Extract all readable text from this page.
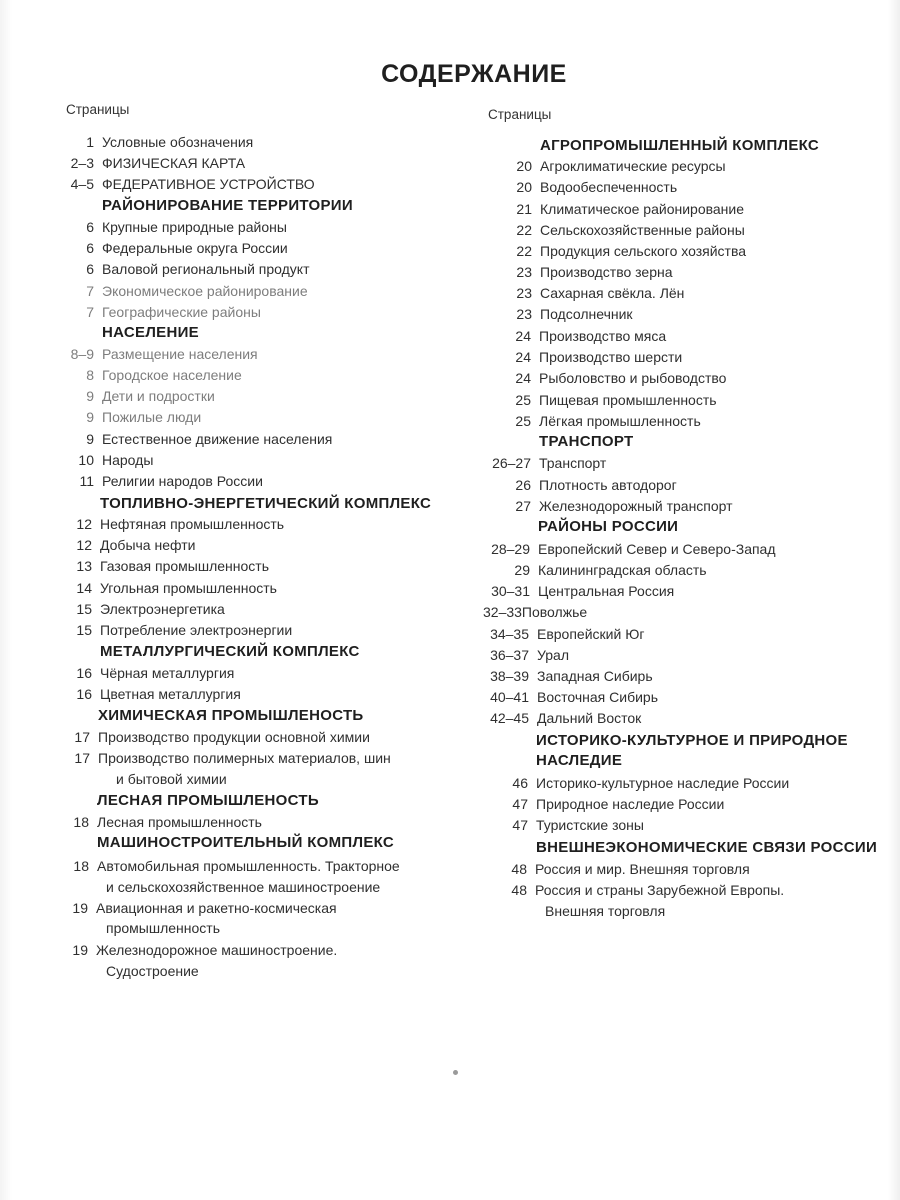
СОДЕРЖАНИЕ
Страницы	Страницы
1 Условные обозначения
2–3 ФИЗИЧЕСКАЯ КАРТА
4–5 ФЕДЕРАТИВНОЕ УСТРОЙСТВО
РАЙОНИРОВАНИЕ ТЕРРИТОРИИ
6 Крупные природные районы
6 Федеральные округа России
6 Валовой региональный продукт
7 Экономическое районирование
7 Географические районы
НАСЕЛЕНИЕ
8–9 Размещение населения
8 Городское население
9 Дети и подростки
9 Пожилые люди
9 Естественное движение населения
10 Народы
11 Религии народов России
ТОПЛИВНО-ЭНЕРГЕТИЧЕСКИЙ КОМПЛЕКС
12 Нефтяная промышленность
12 Добыча нефти
13 Газовая промышленность
14 Угольная промышленность
15 Электроэнергетика
15 Потребление электроэнергии
МЕТАЛЛУРГИЧЕСКИЙ КОМПЛЕКС
16 Чёрная металлургия
16 Цветная металлургия
ХИМИЧЕСКАЯ ПРОМЫШЛЕНОСТЬ
17 Производство продукции основной химии
17 Производство полимерных материалов, шин
и бытовой химии
ЛЕСНАЯ ПРОМЫШЛЕНОСТЬ
18 Лесная промышленность
МАШИНОСТРОИТЕЛЬНЫЙ КОМПЛЕКС
18 Автомобильная промышленность. Тракторное
и сельскохозяйственное машиностроение
19 Авиационная и ракетно-космическая
промышленность
19 Железнодорожное машиностроение.
Судостроение
АГРОПРОМЫШЛЕННЫЙ КОМПЛЕКС
20 Агроклиматические ресурсы
20 Водообеспеченность
21 Климатическое районирование
22 Сельскохозяйственные районы
22 Продукция сельского хозяйства
23 Производство зерна
23 Сахарная свёкла. Лён
23 Подсолнечник
24 Производство мяса
24 Производство шерсти
24 Рыболовство и рыбоводство
25 Пищевая промышленность
25 Лёгкая промышленность
ТРАНСПОРТ
26–27 Транспорт
26 Плотность автодорог
27 Железнодорожный транспорт
РАЙОНЫ РОССИИ
28–29 Европейский Север и Северо-Запад
29 Калининградская область
30–31 Центральная Россия
32–33Поволжье
34–35 Европейский Юг
36–37 Урал
38–39 Западная Сибирь
40–41 Восточная Сибирь
42–45 Дальний Восток
ИСТОРИКО-КУЛЬТУРНОЕ И ПРИРОДНОЕ
НАСЛЕДИЕ
46 Историко-культурное наследие России
47 Природное наследие России
47 Туристские зоны
ВНЕШНЕЭКОНОМИЧЕСКИЕ СВЯЗИ РОССИИ
48 Россия и мир. Внешняя торговля
48 Россия и страны Зарубежной Европы.
Внешняя торговля
